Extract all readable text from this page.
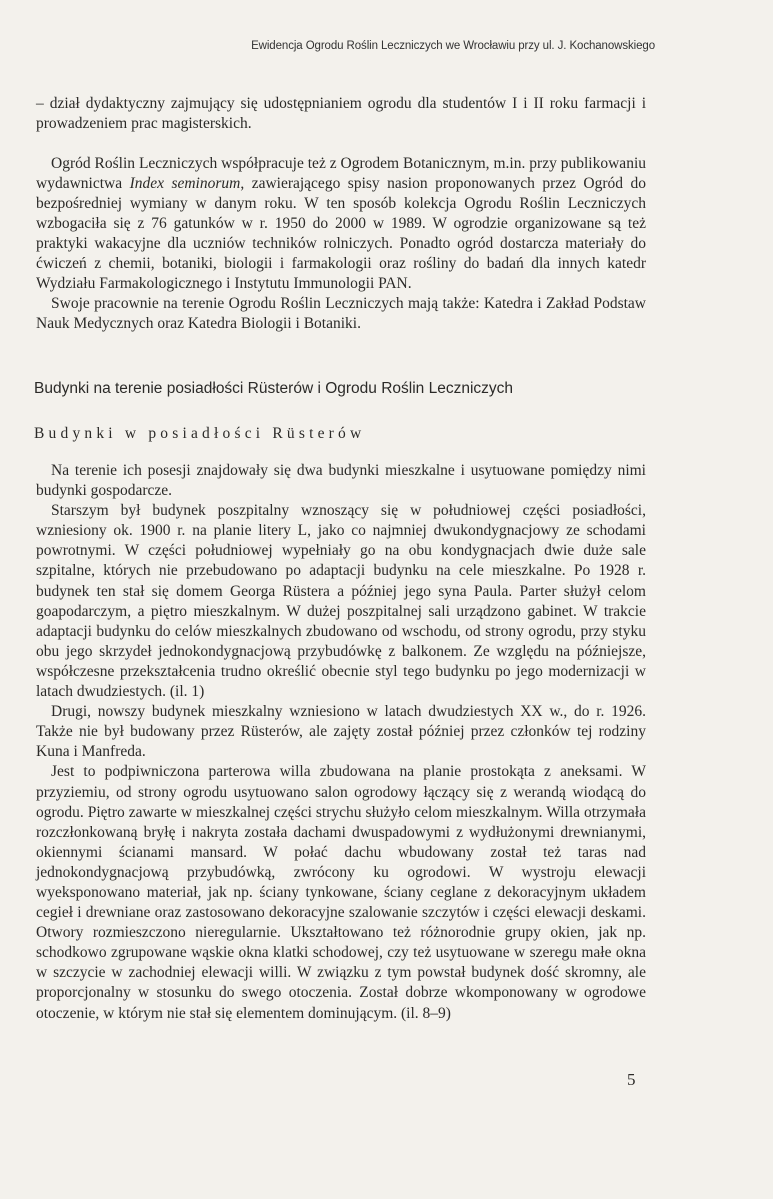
Ewidencja Ogrodu Roślin Leczniczych we Wrocławiu przy ul. J. Kochanowskiego

– dział dydaktyczny zajmujący się udostępnianiem ogrodu dla studentów I i II roku farmacji i prowadzeniem prac magisterskich.

Ogród Roślin Leczniczych współpracuje też z Ogrodem Botanicznym, m.in. przy publikowaniu wydawnictwa Index seminorum, zawierającego spisy nasion proponowanych przez Ogród do bezpośredniej wymiany w danym roku. W ten sposób kolekcja Ogrodu Roślin Leczniczych wzbogaciła się z 76 gatunków w r. 1950 do 2000 w 1989. W ogrodzie organizowane są też praktyki wakacyjne dla uczniów techników rolniczych. Ponadto ogród dostarcza materiały do ćwiczeń z chemii, botaniki, biologii i farmakologii oraz rośliny do badań dla innych katedr Wydziału Farmakologicznego i Instytutu Immunologii PAN.

Swoje pracownie na terenie Ogrodu Roślin Leczniczych mają także: Katedra i Zakład Podstaw Nauk Medycznych oraz Katedra Biologii i Botaniki.

Budynki na terenie posiadłości Rüsterów i Ogrodu Roślin Leczniczych
Budynki w posiadłości Rüsterów

Na terenie ich posesji znajdowały się dwa budynki mieszkalne i usytuowane pomiędzy nimi budynki gospodarcze.

Starszym był budynek poszpitalny wznoszący się w południowej części posiadłości, wzniesiony ok. 1900 r. na planie litery L, jako co najmniej dwukondygnacjowy ze schodami powrotnymi. W części południowej wypełniały go na obu kondygnacjach dwie duże sale szpitalne, których nie przebudowano po adaptacji budynku na cele mieszkalne. Po 1928 r. budynek ten stał się domem Georga Rüstera a później jego syna Paula. Parter służył celom goapodarczym, a piętro mieszkalnym. W dużej poszpitalnej sali urządzono gabinet. W trakcie adaptacji budynku do celów mieszkalnych zbudowano od wschodu, od strony ogrodu, przy styku obu jego skrzydeł jednokondygnacjową przybudówkę z balkonem. Ze względu na późniejsze, współczesne przekształcenia trudno określić obecnie styl tego budynku po jego modernizacji w latach dwudziestych. (il. 1)

Drugi, nowszy budynek mieszkalny wzniesiono w latach dwudziestych XX w., do r. 1926. Także nie był budowany przez Rüsterów, ale zajęty został później przez członków tej rodziny Kuna i Manfreda.

Jest to podpiwniczona parterowa willa zbudowana na planie prostokąta z aneksami. W przyziemiu, od strony ogrodu usytuowano salon ogrodowy łączący się z werandą wiodącą do ogrodu. Piętro zawarte w mieszkalnej części strychu służyło celom mieszkalnym. Willa otrzymała rozczłonkowaną bryłę i nakryta została dachami dwuspadowymi z wydłużonymi drewnianymi, okiennymi ścianami mansard. W połać dachu wbudowany został też taras nad jednokondygnacjową przybudówką, zwrócony ku ogrodowi. W wystroju elewacji wyeksponowano materiał, jak np. ściany tynkowane, ściany ceglane z dekoracyjnym układem cegieł i drewniane oraz zastosowano dekoracyjne szalowanie szczytów i części elewacji deskami. Otwory rozmieszczono nieregularnie. Ukształtowano też różnorodnie grupy okien, jak np. schodkowo zgrupowane wąskie okna klatki schodowej, czy też usytuowane w szeregu małe okna w szczycie w zachodniej elewacji willi. W związku z tym powstał budynek dość skromny, ale proporcjonalny w stosunku do swego otoczenia. Został dobrze wkomponowany w ogrodowe otoczenie, w którym nie stał się elementem dominującym. (il. 8–9)

5
